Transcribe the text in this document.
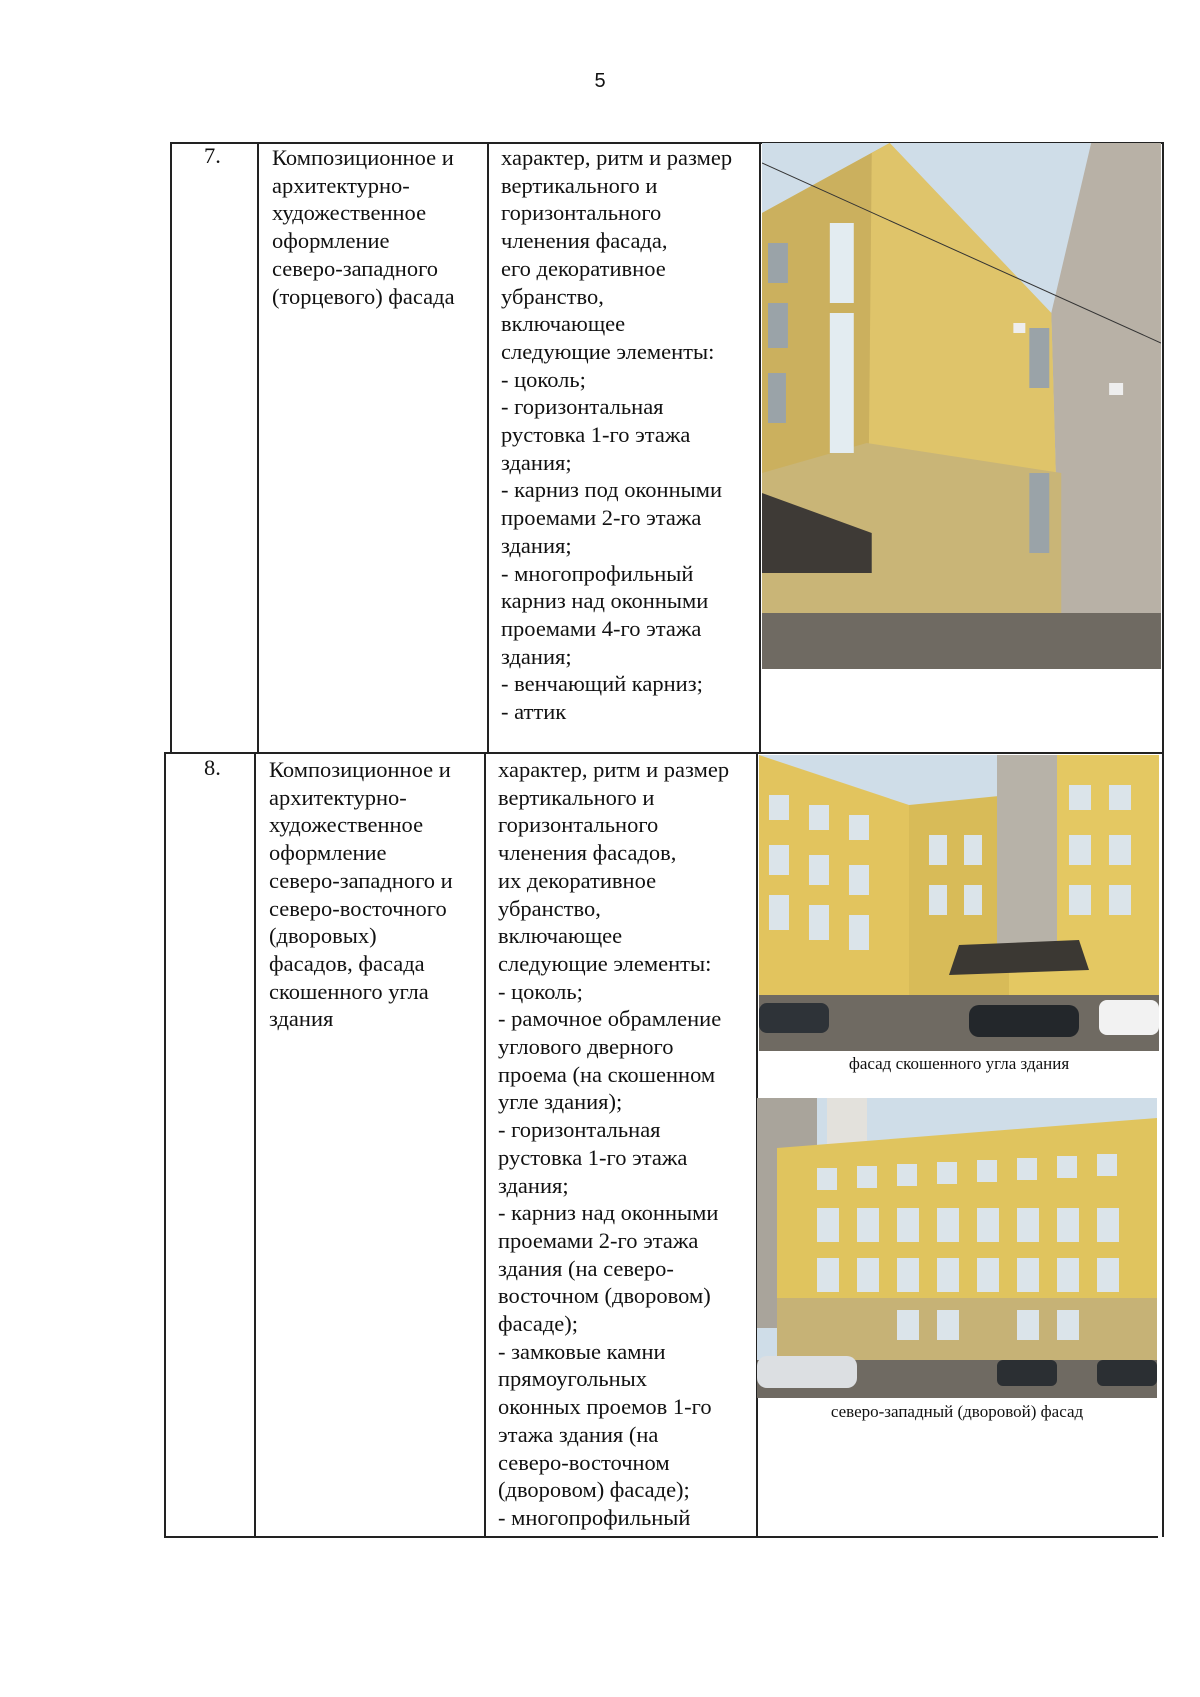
5
7. Композиционное и
архитектурно-
художественное
оформление
северо-западного
(торцевого) фасада

характер, ритм и размер
вертикального и
горизонтального
членения фасада,
его декоративное
убранство,
включающее
следующие элементы:
- цоколь;
- горизонтальная
рустовка 1-го этажа
здания;
- карниз под оконными
проемами 2-го этажа
здания;
- многопрофильный
карниз над оконными
проемами 4-го этажа
здания;
- венчающий карниз;
- аттик

8. Композиционное и
архитектурно-
художественное
оформление
северо-западного и
северо-восточного
(дворовых)
фасадов, фасада
скошенного угла
здания

характер, ритм и размер
вертикального и
горизонтального
членения фасадов,
их декоративное
убранство,
включающее
следующие элементы:
- цоколь;
- рамочное обрамление
углового дверного
проема (на скошенном
угле здания);
- горизонтальная
рустовка 1-го этажа
здания;
- карниз над оконными
проемами 2-го этажа
здания (на северо-
восточном (дворовом)
фасаде);
- замковые камни
прямоугольных
оконных проемов 1-го
этажа здания (на
северо-восточном
(дворовом) фасаде);
- многопрофильный

фасад скошенного угла здания
северо-западный (дворовой) фасад
